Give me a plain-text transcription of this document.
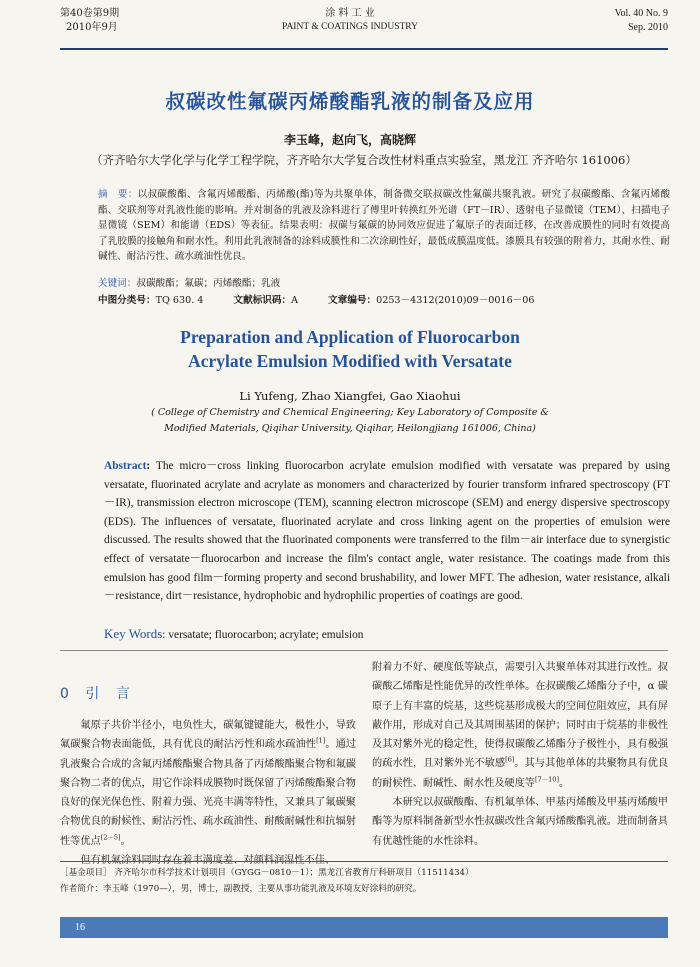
第40卷第9期
2010年9月
涂 料 工 业
PAINT & COATINGS INDUSTRY
Vol. 40 No. 9
Sep. 2010
叔碳改性氟碳丙烯酸酯乳液的制备及应用
李玉峰，赵向飞，高晓辉
（齐齐哈尔大学化学与化学工程学院，齐齐哈尔大学复合改性材料重点实验室，黑龙江 齐齐哈尔 161006）
摘　要：以叔碳酸酯、含氟丙烯酸酯、丙烯酸(酯)等为共聚单体，制备微交联叔碳改性氟碳共聚乳液。研究了叔碳酸酯、含氟丙烯酸酯、交联剂等对乳液性能的影响。并对制备的乳液及涂料进行了傅里叶转换红外光谱（FT－IR）、透射电子显微镜（TEM）、扫描电子显微镜（SEM）和能谱（EDS）等表征。结果表明：叔碳与氟碳的协同效应促进了氟原子的表面迁移，在改善成膜性的同时有效提高了乳胶膜的接触角和耐水性。利用此乳液制备的涂料成膜性和二次涂刷性好，最低成膜温度低。漆膜具有较强的附着力，其耐水性、耐碱性、耐沾污性、疏水疏油性优良。
关键词：叔碳酸酯；氟碳；丙烯酸酯；乳液
中图分类号：TQ 630. 4	文献标识码：A	文章编号：0253－4312(2010)09－0016－06
Preparation and Application of Fluorocarbon
Acrylate Emulsion Modified with Versatate
Li Yufeng, Zhao Xiangfei, Gao Xiaohui
( College of Chemistry and Chemical Engineering; Key Laboratory of Composite &
Modified Materials, Qiqihar University, Qiqihar, Heilongjiang 161006, China)
Abstract: The micro－cross linking fluorocarbon acrylate emulsion modified with versatate was prepared by using versatate, fluorinated acrylate and acrylate as monomers and characterized by fourier transform infrared spectroscopy (FT－IR), transmission electron microscope (TEM), scanning electron microscope (SEM) and energy dispersive spectroscopy (EDS). The influences of versatate, fluorinated acrylate and cross linking agent on the properties of emulsion were discussed. The results showed that the fluorinated components were transferred to the film－air interface due to synergistic effect of versatate－fluorocarbon and increase the film's contact angle, water resistance. The coatings made from this emulsion has good film－forming property and second brushability, and lower MFT. The adhesion, water resistance, alkali－resistance, dirt－resistance, hydrophobic and hydrophilic properties of coatings are good.
Key Words: versatate; fluorocarbon; acrylate; emulsion
0 引 言

氟原子共价半径小，电负性大，碳氟键键能大，极性小，导致氟碳聚合物表面能低，具有优良的耐沾污性和疏水疏油性[1]。通过乳液聚合合成的含氟丙烯酸酯聚合物具备了丙烯酸酯聚合物和氟碳聚合物二者的优点，用它作涂料成膜物时既保留了丙烯酸酯聚合物良好的保光保色性、附着力强、光亮丰满等特性，又兼具了氟碳聚合物优良的耐候性、耐沾污性、疏水疏油性、耐酸耐碱性和抗辐射性等优点[2－5]。

附着力不好、硬度低等缺点，需要引入共聚单体对其进行改性。叔碳酸乙烯酯是性能优异的改性单体。在叔碳酸乙烯酯分子中，α 碳原子上有丰富的烷基，这些烷基形成极大的空间位阻效应，具有屏蔽作用，形成对自己及其周围基团的保护；同时由于烷基的非极性及其对紫外光的稳定性，使得叔碳酸乙烯酯分子极性小，具有极强的疏水性，且对紫外光不敏感[6]。其与其他单体的共聚物具有优良的耐候性、耐碱性、耐水性及硬度等[7－10]。

本研究以叔碳酸酯、有机氟单体、甲基丙烯酸及甲基丙烯酸甲酯等为原料制备新型水性叔碳改性含氟丙烯酸酯乳液。进而制备具有优越性能的水性涂料。

［基金项目］ 齐齐哈尔市科学技术计划项目（GYGG－0810－1）；黑龙江省教育厅科研项目（11511434）
作者简介：李玉峰（1970—），男，博士，副教授，主要从事功能乳液及环境友好涂料的研究。
16
